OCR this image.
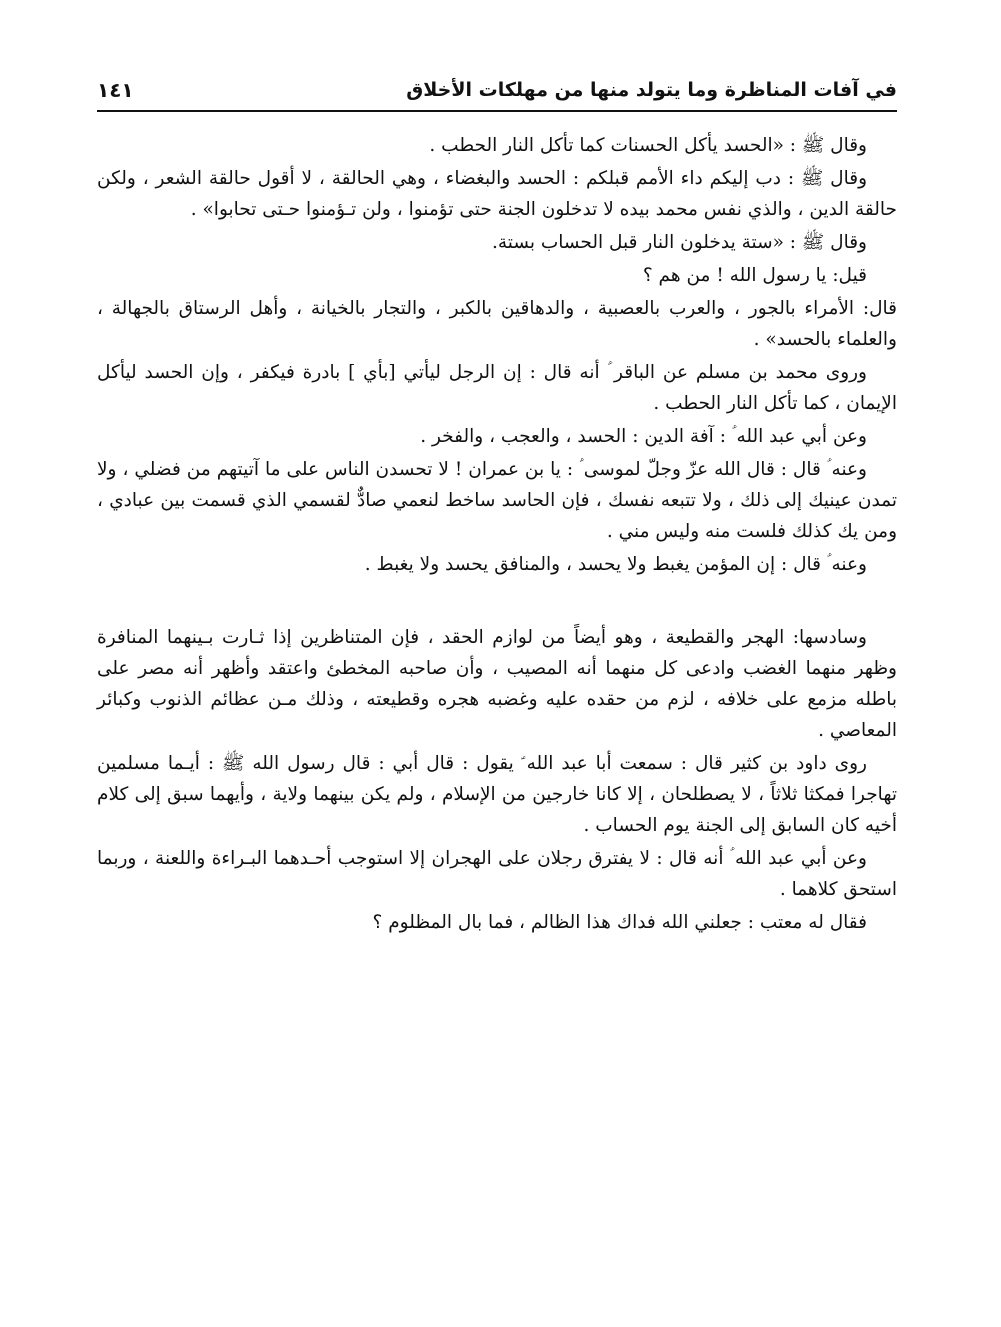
في آفات المناظرة وما يتولد منها من مهلكات الأخلاق
١٤١

وقال ﷺ : «الحسد يأكل الحسنات كما تأكل النار الحطب .

وقال ﷺ : دب إليكم داء الأمم قبلكم : الحسد والبغضاء ، وهي الحالقة ، لا أقول حالقة الشعر ، ولكن حالقة الدين ، والذي نفس محمد بيده لا تدخلون الجنة حتى تؤمنوا ، ولن تـؤمنوا حـتى تحابوا» .

وقال ﷺ : «ستة يدخلون النار قبل الحساب بستة.

قيل: يا رسول الله ! من هم ؟

قال: الأمراء بالجور ، والعرب بالعصبية ، والدهاقين بالكبر ، والتجار بالخيانة ، وأهل الرستاق بالجهالة ، والعلماء بالحسد» .

وروى محمد بن مسلم عن الباقر ؑ أنه قال : إن الرجل ليأتي [بأي ] بادرة فيكفر ، وإن الحسد ليأكل الإيمان ، كما تأكل النار الحطب .

وعن أبي عبد الله ؑ : آفة الدين : الحسد ، والعجب ، والفخر .

وعنه ؑ قال : قال الله عزّ وجلّ لموسى ؑ : يا بن عمران ! لا تحسدن الناس على ما آتيتهم من فضلي ، ولا تمدن عينيك إلى ذلك ، ولا تتبعه نفسك ، فإن الحاسد ساخط لنعمي صادٌّ لقسمي الذي قسمت بين عبادي ، ومن يك كذلك فلست منه وليس مني .

وعنه ؑ قال : إن المؤمن يغبط ولا يحسد ، والمنافق يحسد ولا يغبط .

وسادسها: الهجر والقطيعة ، وهو أيضاً من لوازم الحقد ، فإن المتناظرين إذا ثـارت بـينهما المنافرة وظهر منهما الغضب وادعى كل منهما أنه المصيب ، وأن صاحبه المخطئ واعتقد وأظهر أنه مصر على باطله مزمع على خلافه ، لزم من حقده عليه وغضبه هجره وقطيعته ، وذلك مـن عظائم الذنوب وكبائر المعاصي .

روى داود بن كثير قال : سمعت أبا عبد الله ؑ يقول : قال أبي : قال رسول الله ﷺ : أيـما مسلمين تهاجرا فمكثا ثلاثاً ، لا يصطلحان ، إلا كانا خارجين من الإسلام ، ولم يكن بينهما ولاية ، وأيهما سبق إلى كلام أخيه كان السابق إلى الجنة يوم الحساب .

وعن أبي عبد الله ؑ أنه قال : لا يفترق رجلان على الهجران إلا استوجب أحـدهما البـراءة واللعنة ، وربما استحق كلاهما .

فقال له معتب : جعلني الله فداك هذا الظالم ، فما بال المظلوم ؟
